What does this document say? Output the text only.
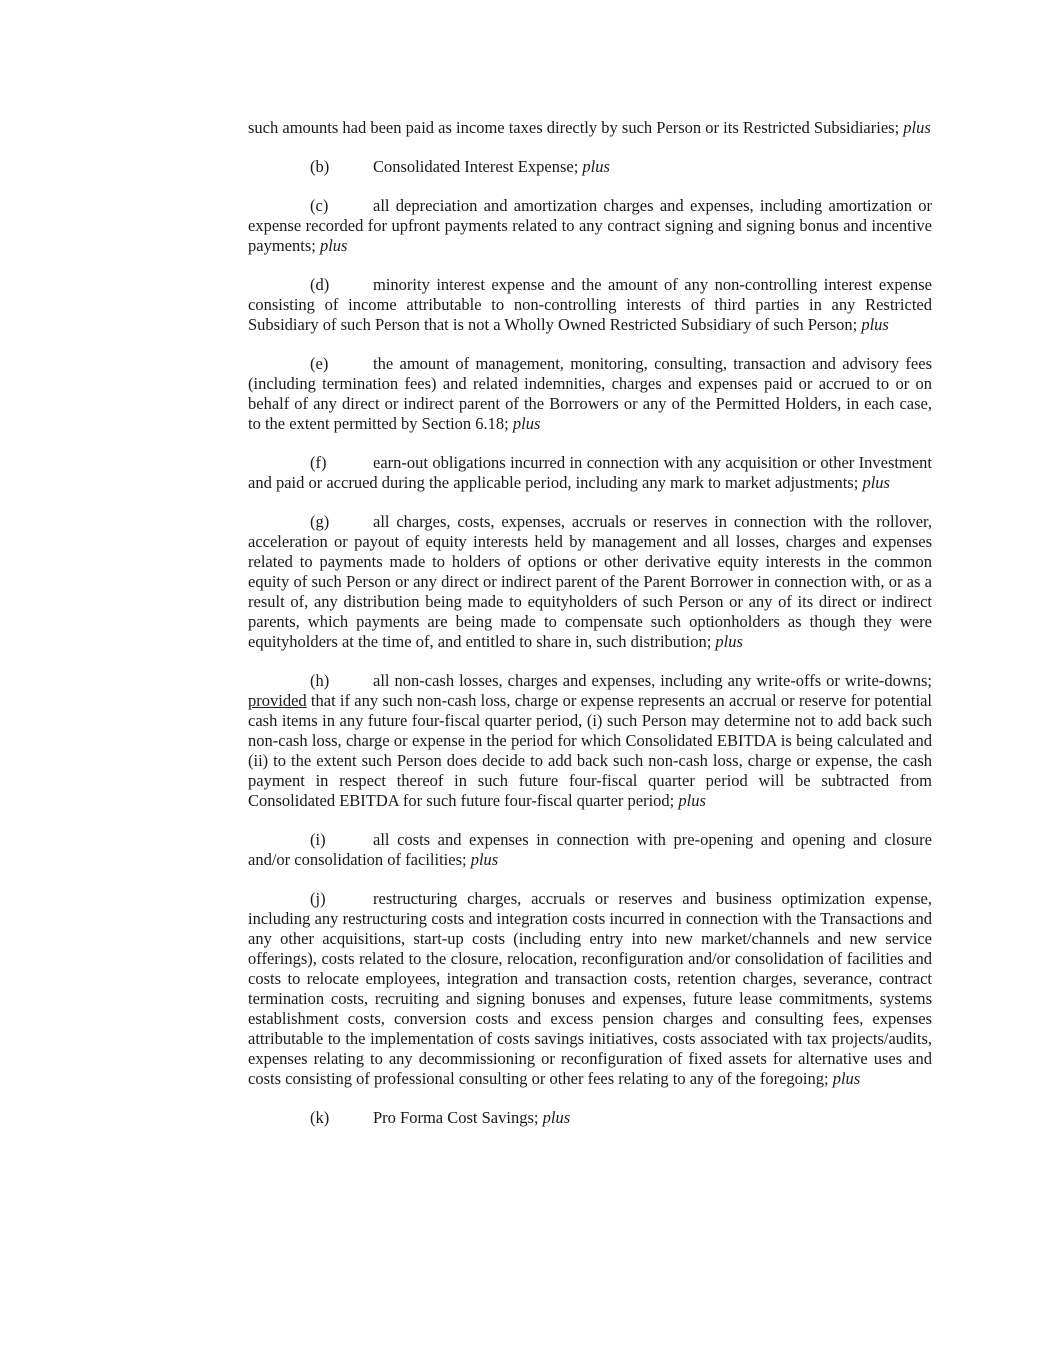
such amounts had been paid as income taxes directly by such Person or its Restricted Subsidiaries; plus

(b)	Consolidated Interest Expense; plus

(c)	all depreciation and amortization charges and expenses, including amortization or expense recorded for upfront payments related to any contract signing and signing bonus and incentive payments; plus

(d)	minority interest expense and the amount of any non-controlling interest expense consisting of income attributable to non-controlling interests of third parties in any Restricted Subsidiary of such Person that is not a Wholly Owned Restricted Subsidiary of such Person; plus

(e)	the amount of management, monitoring, consulting, transaction and advisory fees (including termination fees) and related indemnities, charges and expenses paid or accrued to or on behalf of any direct or indirect parent of the Borrowers or any of the Permitted Holders, in each case, to the extent permitted by Section 6.18; plus

(f)	earn-out obligations incurred in connection with any acquisition or other Investment and paid or accrued during the applicable period, including any mark to market adjustments; plus

(g)	all charges, costs, expenses, accruals or reserves in connection with the rollover, acceleration or payout of equity interests held by management and all losses, charges and expenses related to payments made to holders of options or other derivative equity interests in the common equity of such Person or any direct or indirect parent of the Parent Borrower in connection with, or as a result of, any distribution being made to equityholders of such Person or any of its direct or indirect parents, which payments are being made to compensate such optionholders as though they were equityholders at the time of, and entitled to share in, such distribution; plus

(h)	all non-cash losses, charges and expenses, including any write-offs or write-downs; provided that if any such non-cash loss, charge or expense represents an accrual or reserve for potential cash items in any future four-fiscal quarter period, (i) such Person may determine not to add back such non-cash loss, charge or expense in the period for which Consolidated EBITDA is being calculated and (ii) to the extent such Person does decide to add back such non-cash loss, charge or expense, the cash payment in respect thereof in such future four-fiscal quarter period will be subtracted from Consolidated EBITDA for such future four-fiscal quarter period; plus

(i)	all costs and expenses in connection with pre-opening and opening and closure and/or consolidation of facilities; plus

(j)	restructuring charges, accruals or reserves and business optimization expense, including any restructuring costs and integration costs incurred in connection with the Transactions and any other acquisitions, start-up costs (including entry into new market/channels and new service offerings), costs related to the closure, relocation, reconfiguration and/or consolidation of facilities and costs to relocate employees, integration and transaction costs, retention charges, severance, contract termination costs, recruiting and signing bonuses and expenses, future lease commitments, systems establishment costs, conversion costs and excess pension charges and consulting fees, expenses attributable to the implementation of costs savings initiatives, costs associated with tax projects/audits, expenses relating to any decommissioning or reconfiguration of fixed assets for alternative uses and costs consisting of professional consulting or other fees relating to any of the foregoing; plus

(k)	Pro Forma Cost Savings; plus
